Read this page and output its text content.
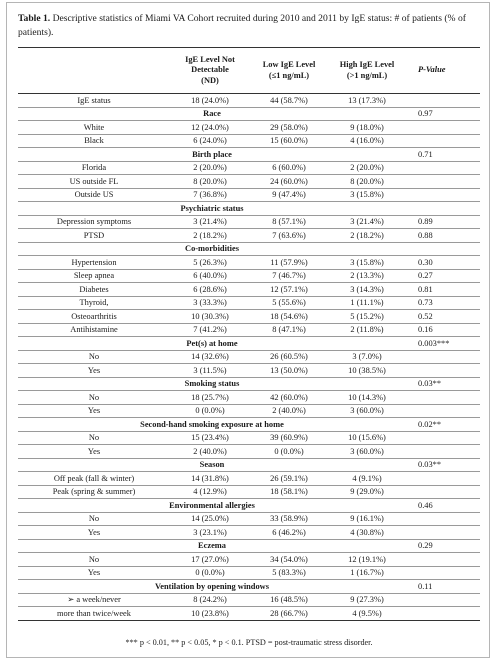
Table 1. Descriptive statistics of Miami VA Cohort recruited during 2010 and 2011 by IgE status: # of patients (% of patients).
	IgE Level Not
Detectable
(ND)	Low IgE Level
(≤1 ng/mL)	High IgE Level
(>1 ng/mL)	P-Value
IgE status	18 (24.0%)	44 (58.7%)	13 (17.3%)	
Race				0.97
White	12 (24.0%)	29 (58.0%)	9 (18.0%)	
Black	6 (24.0%)	15 (60.0%)	4 (16.0%)	
Birth place				0.71
Florida	2 (20.0%)	6 (60.0%)	2 (20.0%)	
US outside FL	8 (20.0%)	24 (60.0%)	8 (20.0%)	
Outside US	7 (36.8%)	9 (47.4%)	3 (15.8%)	
Psychiatric status				
Depression symptoms	3 (21.4%)	8 (57.1%)	3 (21.4%)	0.89
PTSD	2 (18.2%)	7 (63.6%)	2 (18.2%)	0.88
Co-morbidities				
Hypertension	5 (26.3%)	11 (57.9%)	3 (15.8%)	0.30
Sleep apnea	6 (40.0%)	7 (46.7%)	2 (13.3%)	0.27
Diabetes	6 (28.6%)	12 (57.1%)	3 (14.3%)	0.81
Thyroid,	3 (33.3%)	5 (55.6%)	1 (11.1%)	0.73
Osteoarthritis	10 (30.3%)	18 (54.6%)	5 (15.2%)	0.52
Antihistamine	7 (41.2%)	8 (47.1%)	2 (11.8%)	0.16
Pet(s) at home				0.003***
No	14 (32.6%)	26 (60.5%)	3 (7.0%)	
Yes	3 (11.5%)	13 (50.0%)	10 (38.5%)	
Smoking status				0.03**
No	18 (25.7%)	42 (60.0%)	10 (14.3%)	
Yes	0 (0.0%)	2 (40.0%)	3 (60.0%)	
Second-hand smoking exposure at home				0.02**
No	15 (23.4%)	39 (60.9%)	10 (15.6%)	
Yes	2 (40.0%)	0 (0.0%)	3 (60.0%)	
Season				0.03**
Off peak (fall & winter)	14 (31.8%)	26 (59.1%)	4 (9.1%)	
Peak (spring & summer)	4 (12.9%)	18 (58.1%)	9 (29.0%)	
Environmental allergies				0.46
No	14 (25.0%)	33 (58.9%)	9 (16.1%)	
Yes	3 (23.1%)	6 (46.2%)	4 (30.8%)	
Eczema				0.29
No	17 (27.0%)	34 (54.0%)	12 (19.1%)	
Yes	0 (0.0%)	5 (83.3%)	1 (16.7%)	
Ventilation by opening windows				0.11
➢ a week/never	8 (24.2%)	16 (48.5%)	9 (27.3%)	
more than twice/week	10 (23.8%)	28 (66.7%)	4 (9.5%)	
*** p < 0.01, ** p < 0.05, * p < 0.1. PTSD = post-traumatic stress disorder.
